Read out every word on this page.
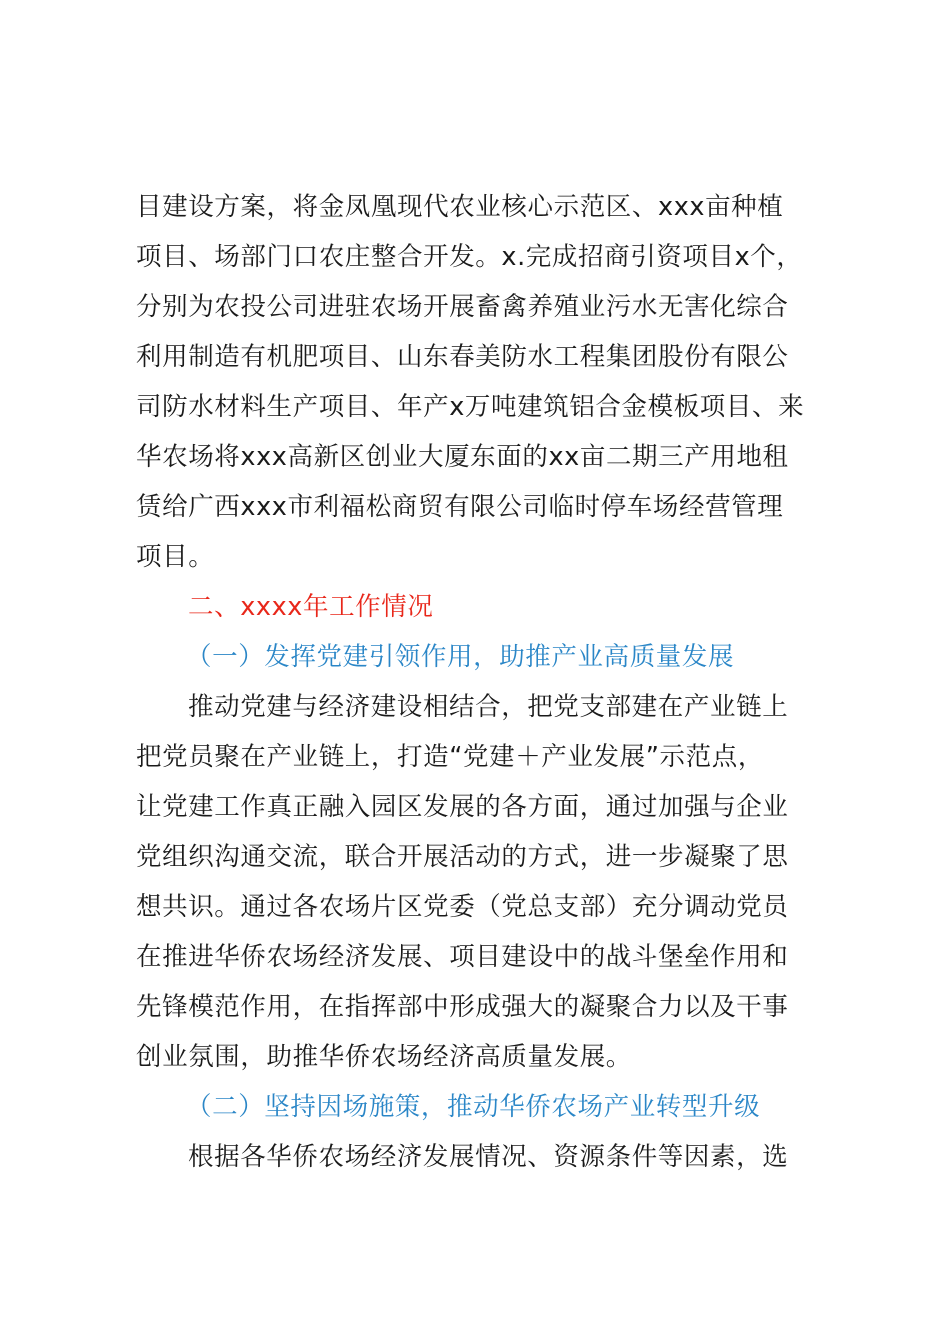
目建设方案，将金凤凰现代农业核心示范区、xxx亩种植
项目、场部门口农庄整合开发。x.完成招商引资项目x个，
分别为农投公司进驻农场开展畜禽养殖业污水无害化综合
利用制造有机肥项目、山东春美防水工程集团股份有限公
司防水材料生产项目、年产x万吨建筑铝合金模板项目、来
华农场将xxx高新区创业大厦东面的xx亩二期三产用地租
赁给广西xxx市利福松商贸有限公司临时停车场经营管理
项目。
二、xxxx年工作情况
（一）发挥党建引领作用，助推产业高质量发展
推动党建与经济建设相结合，把党支部建在产业链上
把党员聚在产业链上，打造“党建＋产业发展”示范点，
让党建工作真正融入园区发展的各方面，通过加强与企业
党组织沟通交流，联合开展活动的方式，进一步凝聚了思
想共识。通过各农场片区党委（党总支部）充分调动党员
在推进华侨农场经济发展、项目建设中的战斗堡垒作用和
先锋模范作用，在指挥部中形成强大的凝聚合力以及干事
创业氛围，助推华侨农场经济高质量发展。
（二）坚持因场施策，推动华侨农场产业转型升级
根据各华侨农场经济发展情况、资源条件等因素，选
